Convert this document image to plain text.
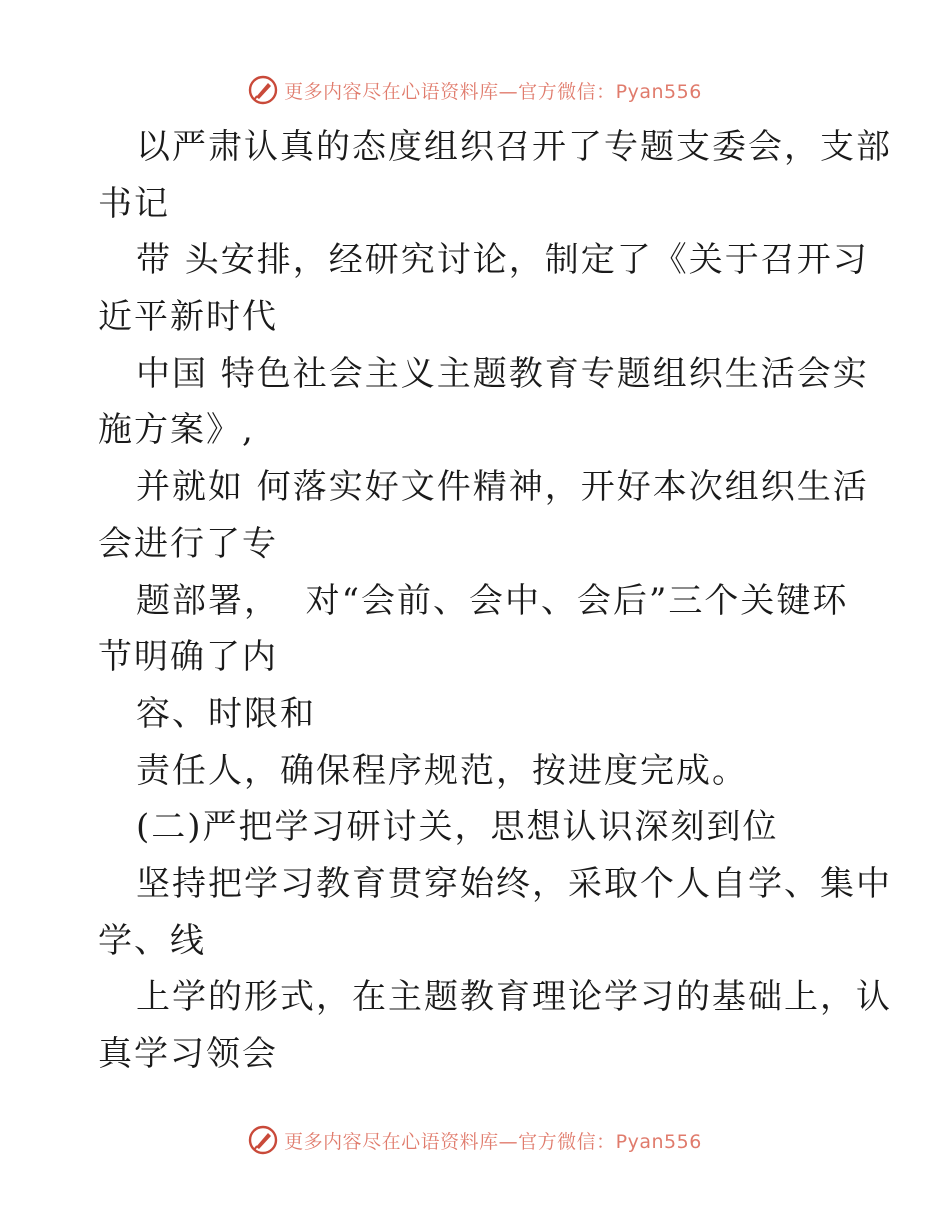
更多内容尽在心语资料库—官方微信：Pyan556
以严肃认真的态度组织召开了专题支委会，支部
书记
带 头安排，经研究讨论，制定了《关于召开习
近平新时代
中国 特色社会主义主题教育专题组织生活会实
施方案》,
并就如 何落实好文件精神，开好本次组织生活
会进行了专
题部署，  对“会前、会中、会后”三个关键环
节明确了内
容、时限和
责任人，确保程序规范，按进度完成。
(二)严把学习研讨关，思想认识深刻到位
坚持把学习教育贯穿始终，采取个人自学、集中
学、线
上学的形式，在主题教育理论学习的基础上，认
真学习领会
更多内容尽在心语资料库—官方微信：Pyan556
